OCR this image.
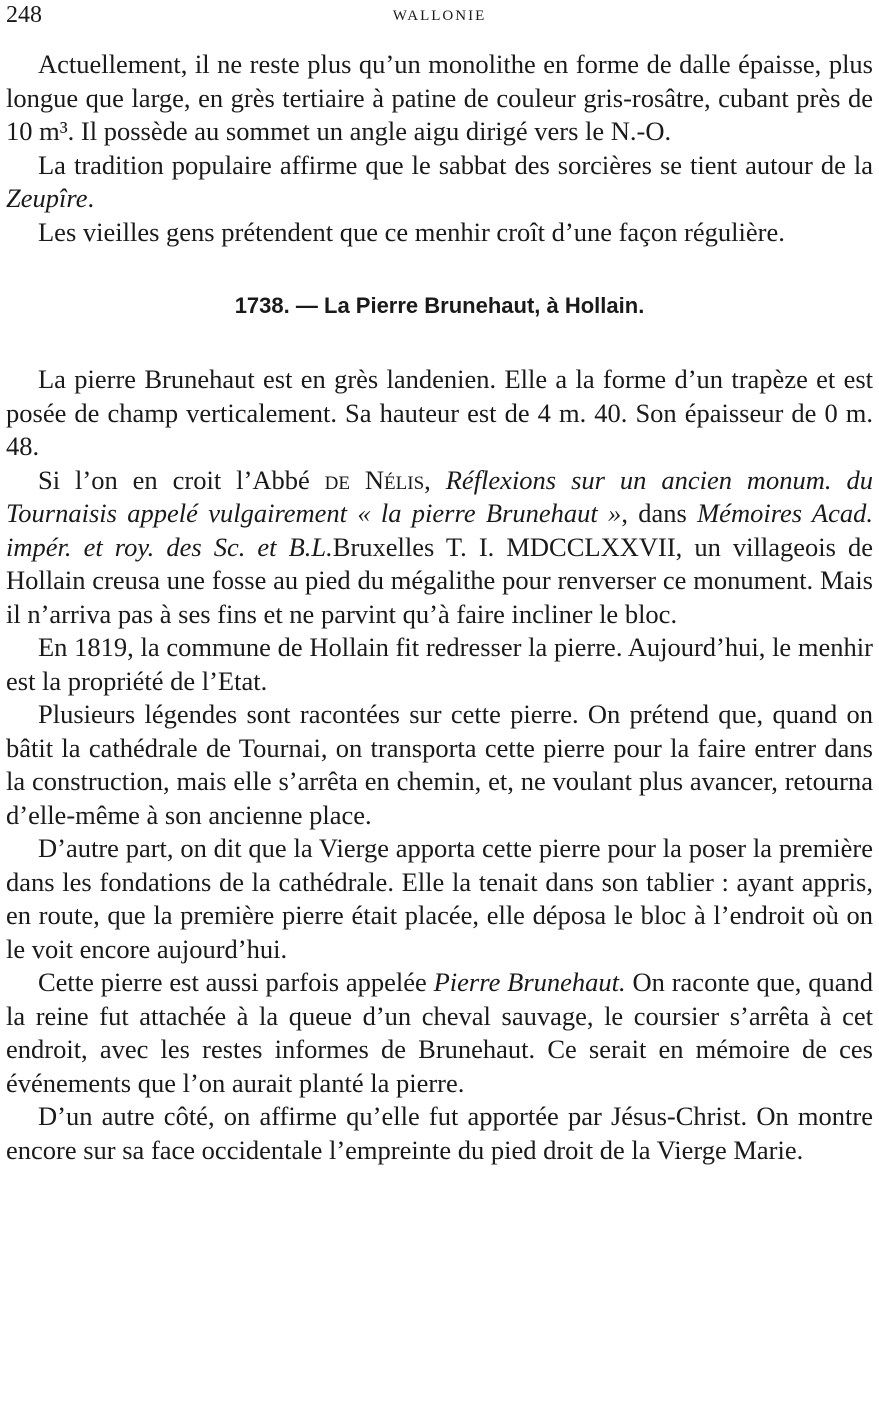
248	WALLONIE

Actuellement, il ne reste plus qu’un monolithe en forme de dalle épaisse, plus longue que large, en grès tertiaire à patine de couleur gris-rosâtre, cubant près de 10 m³. Il possède au sommet un angle aigu dirigé vers le N.-O.

La tradition populaire affirme que le sabbat des sorcières se tient autour de la Zeupîre.

Les vieilles gens prétendent que ce menhir croît d’une façon régulière.

1738. — La Pierre Brunehaut, à Hollain.

La pierre Brunehaut est en grès landenien. Elle a la forme d’un trapèze et est posée de champ verticalement. Sa hauteur est de 4 m. 40. Son épaisseur de 0 m. 48.

Si l’on en croit l’Abbé de Nélis, Réflexions sur un ancien monum. du Tournaisis appelé vulgairement « la pierre Brunehaut », dans Mémoires Acad. impér. et roy. des Sc. et B.L.Bruxelles T. I. MDCCLXXVII, un villageois de Hollain creusa une fosse au pied du mégalithe pour renverser ce monument. Mais il n’arriva pas à ses fins et ne parvint qu’à faire incliner le bloc.

En 1819, la commune de Hollain fit redresser la pierre. Aujourd’hui, le menhir est la propriété de l’Etat.

Plusieurs légendes sont racontées sur cette pierre. On prétend que, quand on bâtit la cathédrale de Tournai, on transporta cette pierre pour la faire entrer dans la construction, mais elle s’arrêta en chemin, et, ne voulant plus avancer, retourna d’elle-même à son ancienne place.

D’autre part, on dit que la Vierge apporta cette pierre pour la poser la première dans les fondations de la cathédrale. Elle la tenait dans son tablier : ayant appris, en route, que la première pierre était placée, elle déposa le bloc à l’endroit où on le voit encore aujourd’hui.

Cette pierre est aussi parfois appelée Pierre Brunehaut. On raconte que, quand la reine fut attachée à la queue d’un cheval sauvage, le coursier s’arrêta à cet endroit, avec les restes informes de Brunehaut. Ce serait en mémoire de ces événements que l’on aurait planté la pierre.

D’un autre côté, on affirme qu’elle fut apportée par Jésus-Christ. On montre encore sur sa face occidentale l’empreinte du pied droit de la Vierge Marie.
